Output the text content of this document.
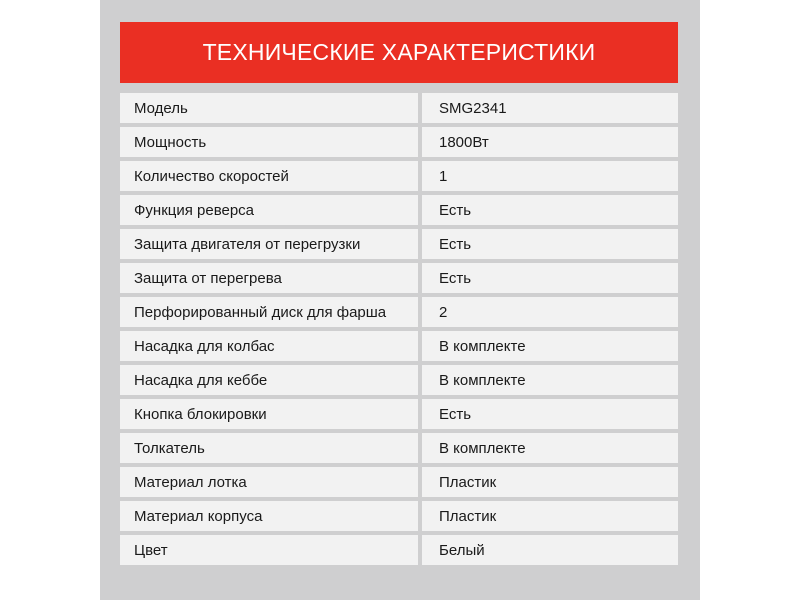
ТЕХНИЧЕСКИЕ ХАРАКТЕРИСТИКИ
Модель	SMG2341
Мощность	1800Вт
Количество скоростей	1
Функция реверса	Есть
Защита двигателя от перегрузки	Есть
Защита от перегрева	Есть
Перфорированный диск для фарша	2
Насадка для колбас	В комплекте
Насадка для кеббе	В комплекте
Кнопка блокировки	Есть
Толкатель	В комплекте
Материал лотка	Пластик
Материал корпуса	Пластик
Цвет	Белый
